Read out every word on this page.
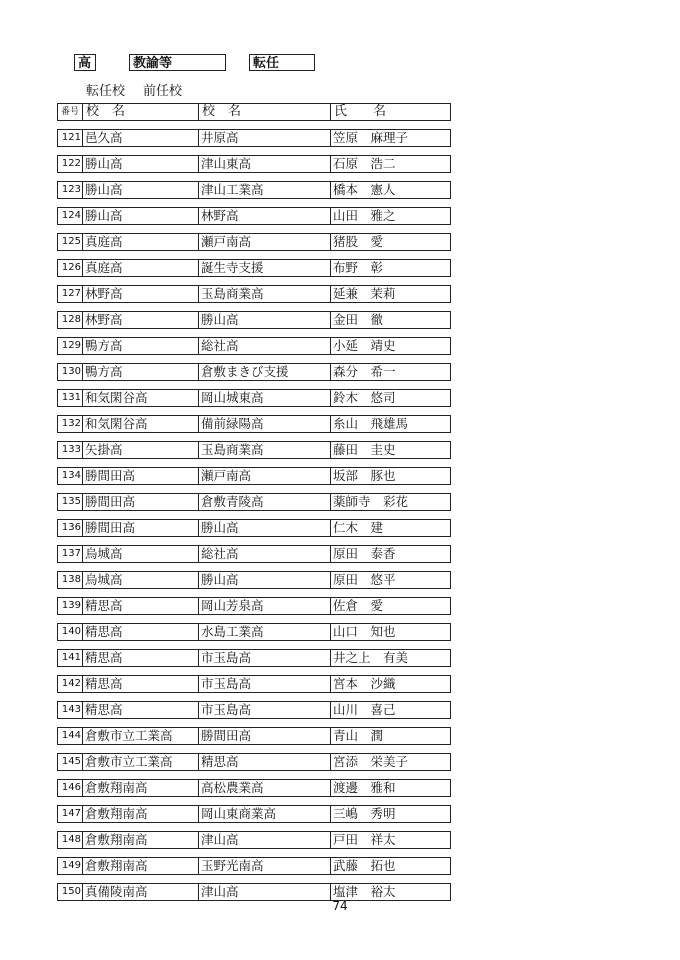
高	教諭等	転任
転任校 前任校
番号	校　名	校　名	氏　　名
121	邑久高	井原高	笠原　麻理子
122	勝山高	津山東高	石原　浩二
123	勝山高	津山工業高	橋本　憲人
124	勝山高	林野高	山田　雅之
125	真庭高	瀬戸南高	猪股　愛
126	真庭高	誕生寺支援	布野　彰
127	林野高	玉島商業高	延兼　茉莉
128	林野高	勝山高	金田　徹
129	鴨方高	総社高	小延　靖史
130	鴨方高	倉敷まきび支援	森分　希一
131	和気閑谷高	岡山城東高	鈴木　悠司
132	和気閑谷高	備前緑陽高	糸山　飛雄馬
133	矢掛高	玉島商業高	藤田　圭史
134	勝間田高	瀬戸南高	坂部　豚也
135	勝間田高	倉敷青陵高	薬師寺　彩花
136	勝間田高	勝山高	仁木　建
137	烏城高	総社高	原田　泰香
138	烏城高	勝山高	原田　悠平
139	精思高	岡山芳泉高	佐倉　愛
140	精思高	水島工業高	山口　知也
141	精思高	市玉島高	井之上　有美
142	精思高	市玉島高	宮本　沙織
143	精思高	市玉島高	山川　喜己
144	倉敷市立工業高	勝間田高	青山　潤
145	倉敷市立工業高	精思高	宮添　栄美子
146	倉敷翔南高	高松農業高	渡邊　雅和
147	倉敷翔南高	岡山東商業高	三嶋　秀明
148	倉敷翔南高	津山高	戸田　祥太
149	倉敷翔南高	玉野光南高	武藤　拓也
150	真備陵南高	津山高	塩津　裕太
74
